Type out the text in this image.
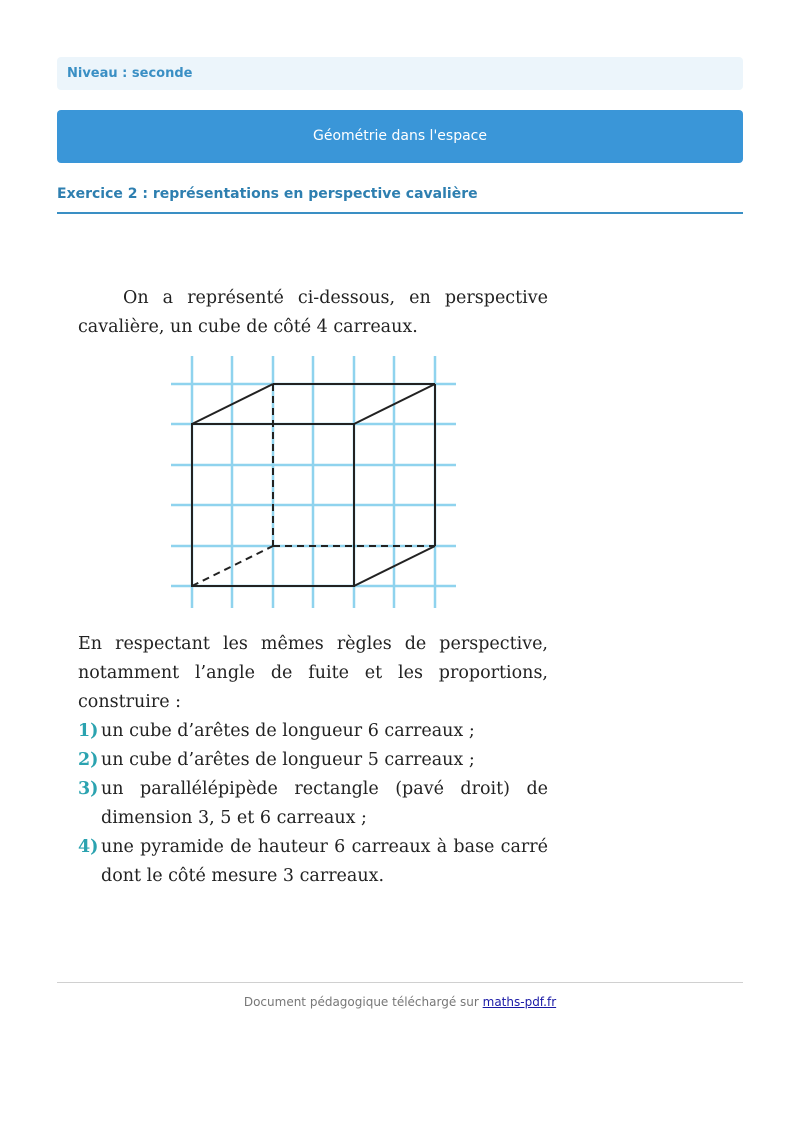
Niveau : seconde
Géométrie dans l'espace
Exercice 2 : représentations en perspective cavalière

On a représenté ci-dessous, en perspective cavalière, un cube de côté 4 carreaux.

En respectant les mêmes règles de perspective, notamment l’angle de fuite et les proportions, construire :

1) un cube d’arêtes de longueur 6 carreaux ;
2) un cube d’arêtes de longueur 5 carreaux ;
3) un parallélépipède rectangle (pavé droit) de dimension 3, 5 et 6 carreaux ;
4) une pyramide de hauteur 6 carreaux à base carré dont le côté mesure 3 carreaux.
Document pédagogique téléchargé sur maths-pdf.fr
